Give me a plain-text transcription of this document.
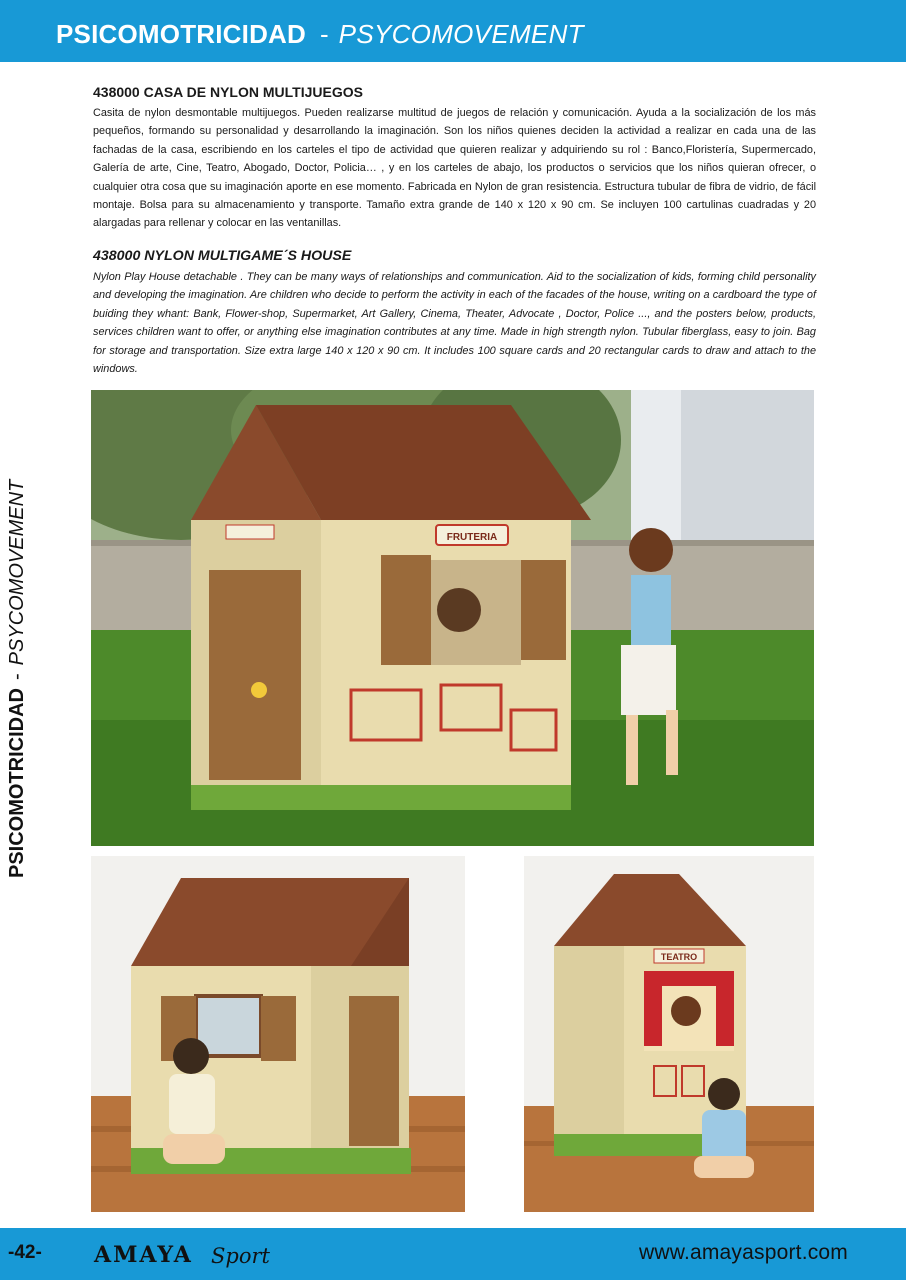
PSICOMOTRICIDAD - PSYCOMOVEMENT
PSICOMOTRICIDAD-PSYCOMOVEMENT
438000 CASA DE NYLON MULTIJUEGOS

Casita de nylon desmontable multijuegos. Pueden realizarse multitud de juegos de relación y comunicación. Ayuda a la socialización de los más pequeños, formando su personalidad y desarrollando la imaginación. Son los niños quienes deciden la actividad a realizar en cada una de las fachadas de la casa, escribiendo en los carteles el tipo de actividad que quieren realizar y adquiriendo su rol : Banco,Floristería, Supermercado, Galería de arte, Cine, Teatro, Abogado, Doctor, Policia… , y en los carteles de abajo, los productos o servicios que los niños quieran ofrecer, o cualquier otra cosa que su imaginación aporte en ese momento. Fabricada en Nylon de gran resistencia. Estructura tubular de fibra de vidrio, de fácil montaje. Bolsa para su almacenamiento y transporte. Tamaño extra grande de 140 x 120 x 90 cm. Se incluyen 100 cartulinas cuadradas y 20 alargadas para rellenar y colocar en las ventanillas.

438000 NYLON MULTIGAME´S HOUSE

Nylon Play House detachable . They can be many ways of relationships and communication. Aid to the socialization of kids, forming child personality and developing the imagination. Are children who decide to perform the activity in each of the facades of the house, writing on a cardboard the type of buiding they whant: Bank, Flower-shop, Supermarket, Art Gallery, Cinema, Theater, Advocate , Doctor, Police ..., and the posters below, products, services children want to offer, or anything else imagination contributes at any time. Made in high strength nylon. Tubular fiberglass, easy to join. Bag for storage and transportation. Size extra large 140 x 120 x 90 cm. It includes 100 square cards and 20 rectangular cards to draw and attach to the windows.

FRUTERIA
TEATRO
-42- AMAYA Sport	www.amayasport.com
